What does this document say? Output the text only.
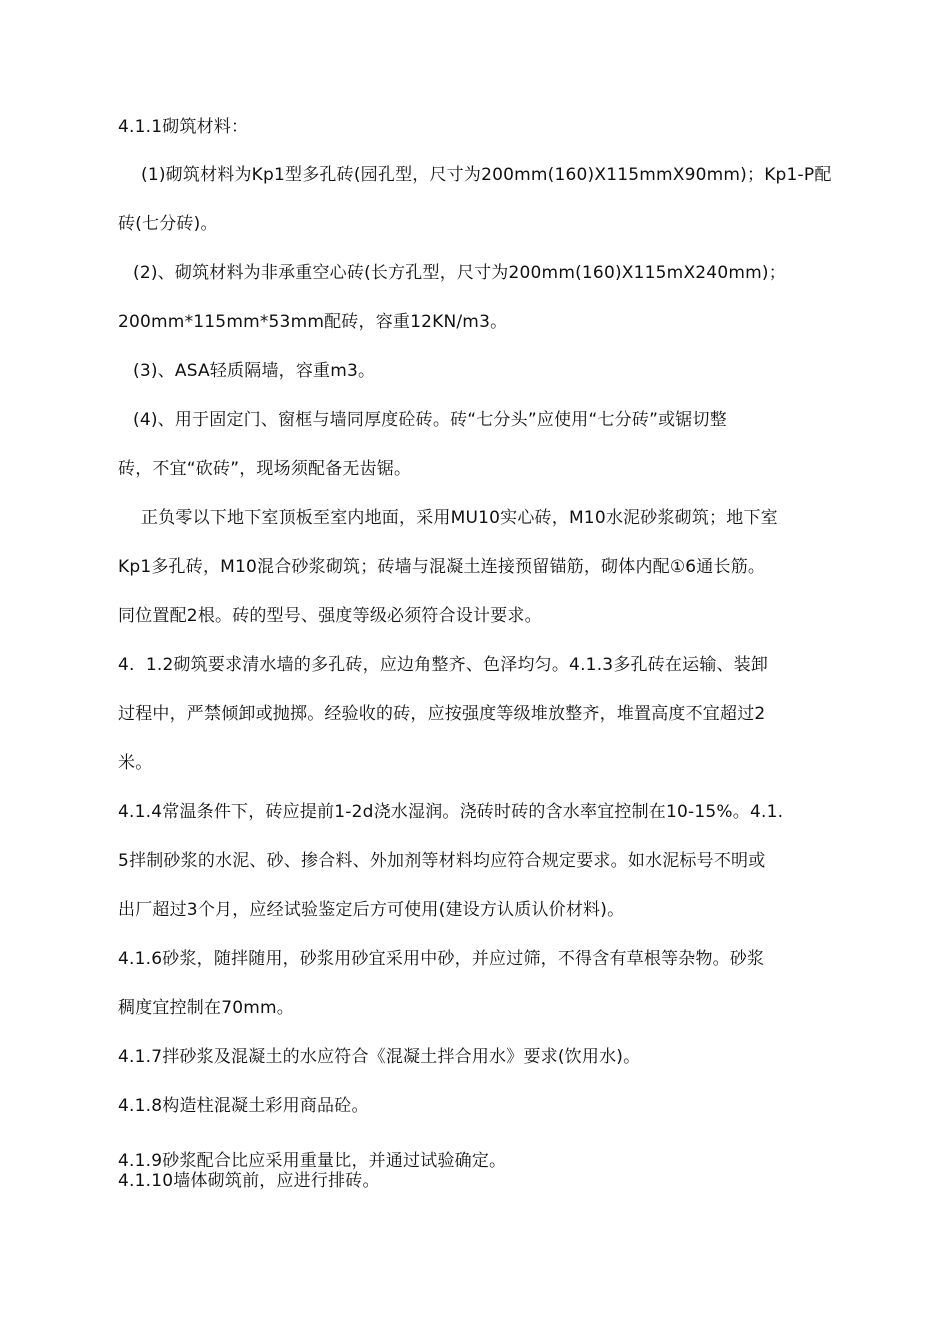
4.1.1砌筑材料：
(1)砌筑材料为Kp1型多孔砖(园孔型，尺寸为200mm(160)X115mmX90mm)；Kp1-P配
砖(七分砖)。
(2)、砌筑材料为非承重空心砖(长方孔型，尺寸为200mm(160)X115mX240mm)；
200mm*115mm*53mm配砖，容重12KN/m3。
(3)、ASA轻质隔墙，容重m3。
(4)、用于固定门、窗框与墙同厚度砼砖。砖“七分头”应使用“七分砖”或锯切整
砖，不宜“砍砖”，现场须配备无齿锯。
正负零以下地下室顶板至室内地面，采用MU10实心砖，M10水泥砂浆砌筑；地下室
Kp1多孔砖，M10混合砂浆砌筑；砖墙与混凝土连接预留锚筋，砌体内配①6通长筋。
同位置配2根。砖的型号、强度等级必须符合设计要求。
4.  1.2砌筑要求清水墙的多孔砖，应边角整齐、色泽均匀。4.1.3多孔砖在运输、装卸
过程中，严禁倾卸或抛掷。经验收的砖，应按强度等级堆放整齐，堆置高度不宜超过2
米。
4.1.4常温条件下，砖应提前1-2d浇水湿润。浇砖时砖的含水率宜控制在10-15%。4.1.
5拌制砂浆的水泥、砂、掺合料、外加剂等材料均应符合规定要求。如水泥标号不明或
出厂超过3个月，应经试验鉴定后方可使用(建设方认质认价材料)。
4.1.6砂浆，随拌随用，砂浆用砂宜采用中砂，并应过筛，不得含有草根等杂物。砂浆
稠度宜控制在70mm。
4.1.7拌砂浆及混凝土的水应符合《混凝土拌合用水》要求(饮用水)。
4.1.8构造柱混凝土彩用商品砼。
4.1.9砂浆配合比应采用重量比，并通过试验确定。
4.1.10墙体砌筑前，应进行排砖。
